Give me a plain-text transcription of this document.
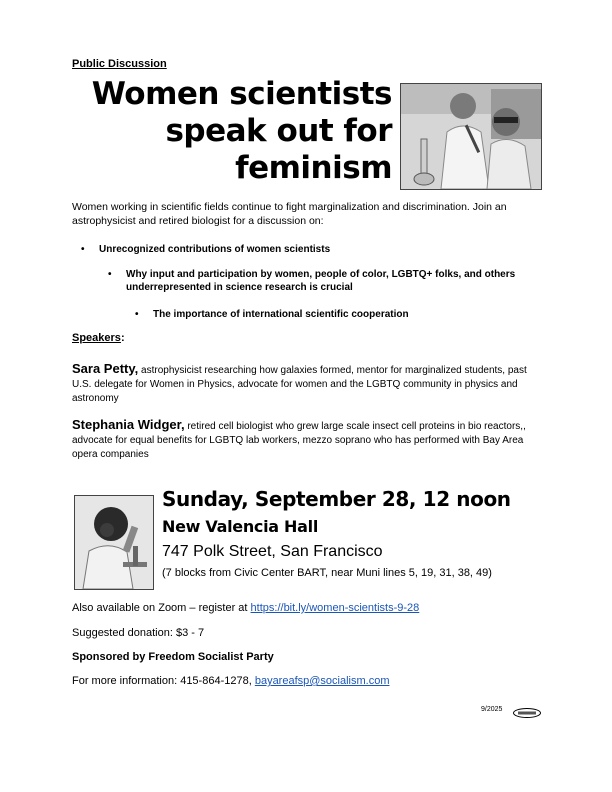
Public Discussion
Women scientists
speak out for
feminism
Women working in scientific fields continue to fight marginalization and discrimination. Join an astrophysicist and retired biologist for a discussion on:
• Unrecognized contributions of women scientists
• Why input and participation by women, people of color, LGBTQ+ folks, and others underrepresented in science research is crucial
• The importance of international scientific cooperation
Speakers:
Sara Petty, astrophysicist researching how galaxies formed, mentor for marginalized students, past U.S. delegate for Women in Physics, advocate for women and the LGBTQ community in physics and astronomy
Stephania Widger, retired cell biologist who grew large scale insect cell proteins in bio reactors,, advocate for equal benefits for LGBTQ lab workers, mezzo soprano who has performed with Bay Area opera companies
Sunday, September 28, 12 noon
New Valencia Hall
747 Polk Street, San Francisco
(7 blocks from Civic Center BART, near Muni lines 5, 19, 31, 38, 49)
Also available on Zoom – register at https://bit.ly/women-scientists-9-28
Suggested donation: $3 - 7
Sponsored by Freedom Socialist Party
For more information: 415-864-1278, bayareafsp@socialism.com
9/2025
